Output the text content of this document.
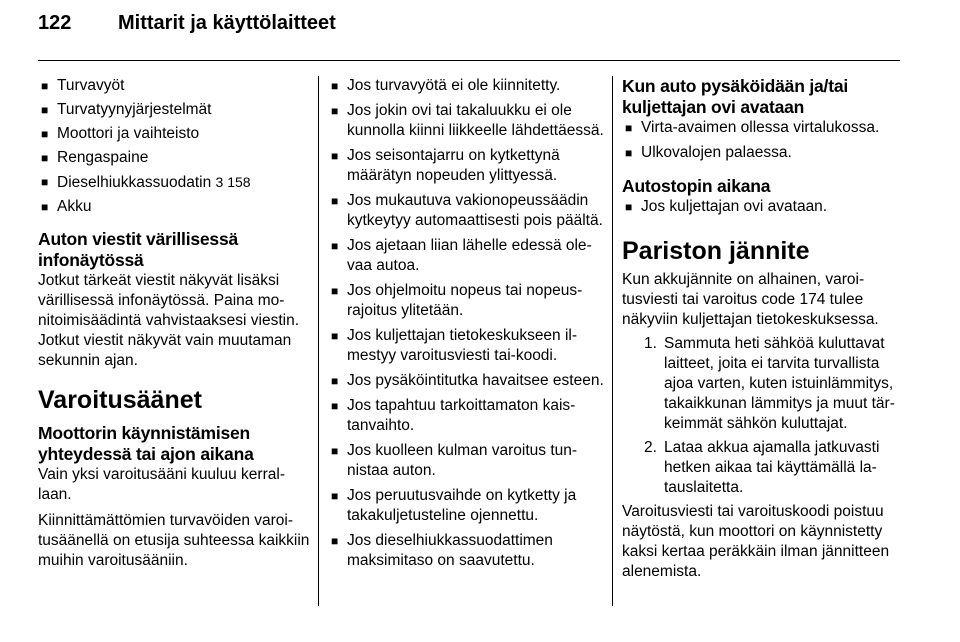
122 Mittarit ja käyttölaitteet
■ Turvavyöt
■ Turvatyynyjärjestelmät
■ Moottori ja vaihteisto
■ Rengaspaine
■ Dieselhiukkassuodatin 3 158
■ Akku
Auton viestit värillisessä infonäytössä

Jotkut tärkeät viestit näkyvät lisäksi värillisessä infonäytössä. Paina monitoimisäädintä vahvistaaksesi viestin. Jotkut viestit näkyvät vain muutaman sekunnin ajan.

Varoitusäänet
Moottorin käynnistämisen yhteydessä tai ajon aikana

Vain yksi varoitusääni kuuluu kerrallaan.

Kiinnittämättömien turvavöiden varoitusäänellä on etusija suhteessa kaikkiin muihin varoitusääniin.

■ Jos turvavyötä ei ole kiinnitetty.
■ Jos jokin ovi tai takaluukku ei ole kunnolla kiinni liikkeelle lähdettäessä.
■ Jos seisontajarru on kytkettynä määrätyn nopeuden ylittyessä.
■ Jos mukautuva vakionopeussäädin kytkeytyy automaattisesti pois päältä.
■ Jos ajetaan liian lähelle edessä olevaa autoa.
■ Jos ohjelmoitu nopeus tai nopeusrajoitus ylitetään.
■ Jos kuljettajan tietokeskukseen ilmestyy varoitusviesti tai-koodi.
■ Jos pysäköintitutka havaitsee esteen.
■ Jos tapahtuu tarkoittamaton kaistanvaihto.
■ Jos kuolleen kulman varoitus tunnistaa auton.
■ Jos peruutusvaihde on kytketty ja takakuljetusteline ojennettu.
■ Jos dieselhiukkassuodattimen maksimitaso on saavutettu.
Kun auto pysäköidään ja/tai kuljettajan ovi avataan
■ Virta-avaimen ollessa virtalukossa.
■ Ulkovalojen palaessa.
Autostopin aikana
■ Jos kuljettajan ovi avataan.
Pariston jännite

Kun akkujännite on alhainen, varoitusviesti tai varoitus code 174 tulee näkyviin kuljettajan tietokeskuksessa.

1. Sammuta heti sähköä kuluttavat laitteet, joita ei tarvita turvallista ajoa varten, kuten istuinlämmitys, takaikkunan lämmitys ja muut tärkeimmät sähkön kuluttajat.
2. Lataa akkua ajamalla jatkuvasti hetken aikaa tai käyttämällä latauslaitetta.

Varoitusviesti tai varoituskoodi poistuu näytöstä, kun moottori on käynnistetty kaksi kertaa peräkkäin ilman jännitteen alenemista.
